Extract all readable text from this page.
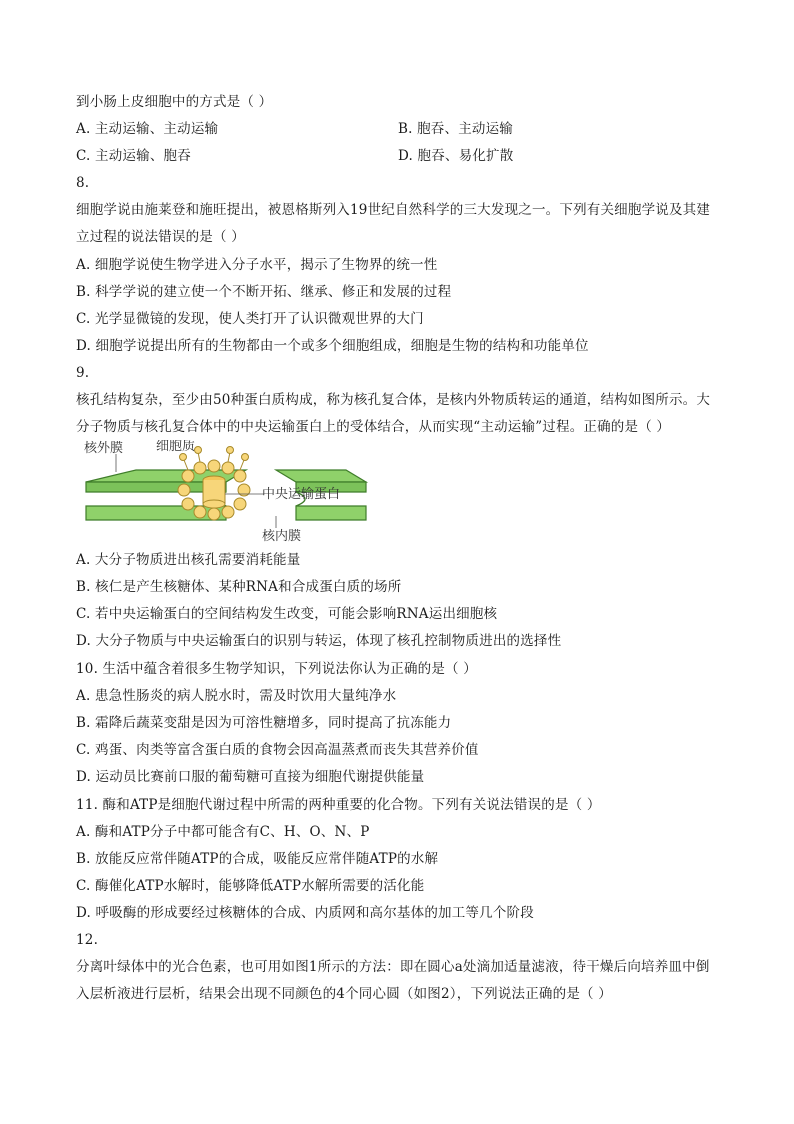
到小肠上皮细胞中的方式是（ ）
A. 主动运输、主动运输	B. 胞吞、主动运输
C. 主动运输、胞吞	D. 胞吞、易化扩散
8.
细胞学说由施莱登和施旺提出，被恩格斯列入19世纪自然科学的三大发现之一。下列有关细胞学说及其建
立过程的说法错误的是（ ）
A. 细胞学说使生物学进入分子水平，揭示了生物界的统一性
B. 科学学说的建立使一个不断开拓、继承、修正和发展的过程
C. 光学显微镜的发现，使人类打开了认识微观世界的大门
D. 细胞学说提出所有的生物都由一个或多个细胞组成，细胞是生物的结构和功能单位
9.
核孔结构复杂，至少由50种蛋白质构成，称为核孔复合体，是核内外物质转运的通道，结构如图所示。大
分子物质与核孔复合体中的中央运输蛋白上的受体结合，从而实现“主动运输”过程。正确的是（ ）
核外膜	细胞质
中央运输蛋白
核内膜
A. 大分子物质进出核孔需要消耗能量
B. 核仁是产生核糖体、某种RNA和合成蛋白质的场所
C. 若中央运输蛋白的空间结构发生改变，可能会影响RNA运出细胞核
D. 大分子物质与中央运输蛋白的识别与转运，体现了核孔控制物质进出的选择性
10. 生活中蕴含着很多生物学知识，下列说法你认为正确的是（ ）
A. 患急性肠炎的病人脱水时，需及时饮用大量纯净水
B. 霜降后蔬菜变甜是因为可溶性糖增多，同时提高了抗冻能力
C. 鸡蛋、肉类等富含蛋白质的食物会因高温蒸煮而丧失其营养价值
D. 运动员比赛前口服的葡萄糖可直接为细胞代谢提供能量
11. 酶和ATP是细胞代谢过程中所需的两种重要的化合物。下列有关说法错误的是（ ）
A. 酶和ATP分子中都可能含有C、H、O、N、P
B. 放能反应常伴随ATP的合成，吸能反应常伴随ATP的水解
C. 酶催化ATP水解时，能够降低ATP水解所需要的活化能
D. 呼吸酶的形成要经过核糖体的合成、内质网和高尔基体的加工等几个阶段
12.
分离叶绿体中的光合色素，也可用如图1所示的方法：即在圆心a处滴加适量滤液，待干燥后向培养皿中倒
入层析液进行层析，结果会出现不同颜色的4个同心圆（如图2），下列说法正确的是（ ）
